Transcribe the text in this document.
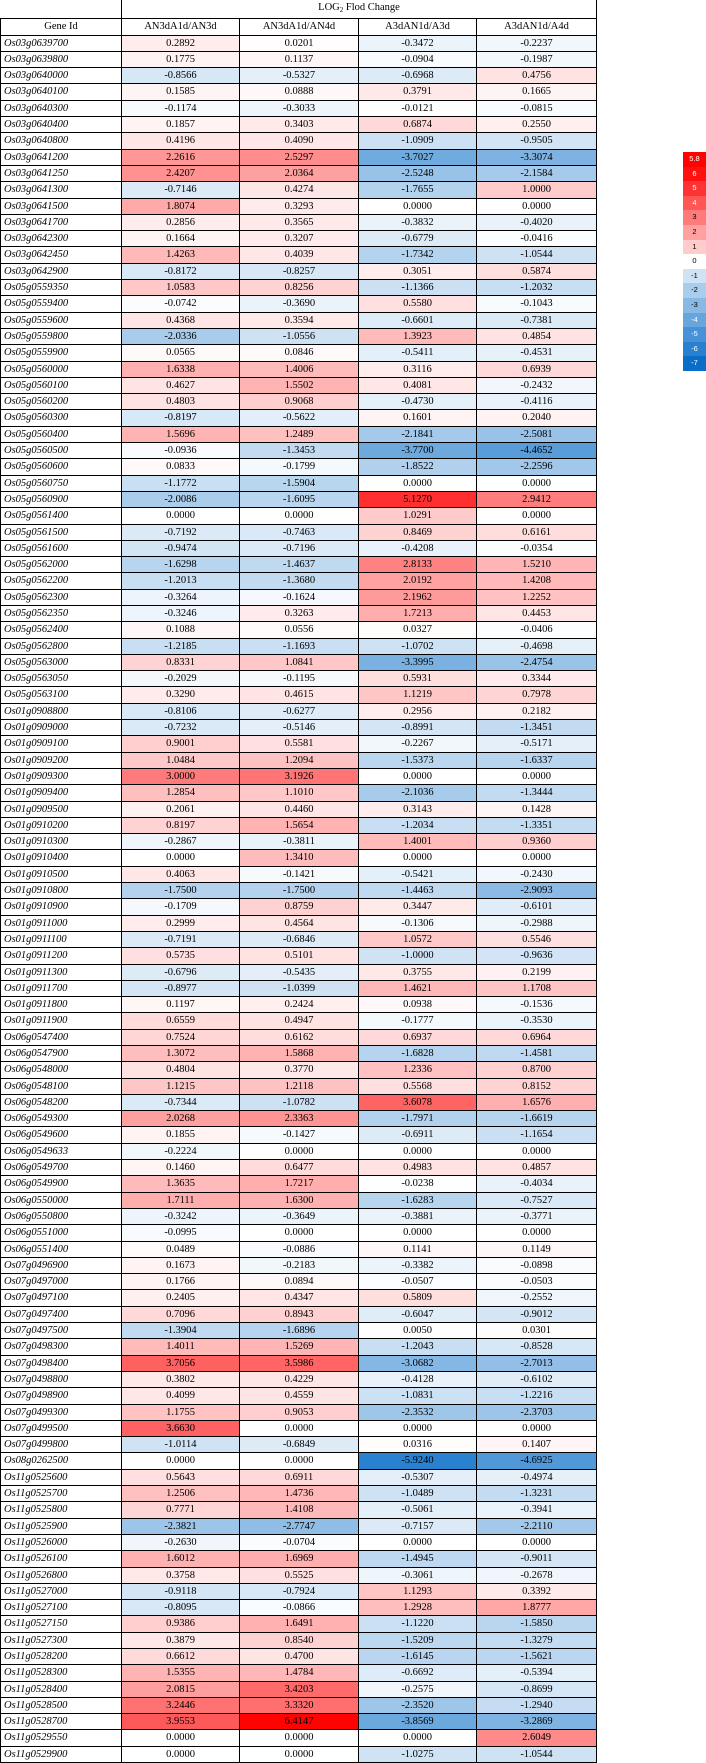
	$LOG_2$ Flod Change			
Gene Id	AN3dA1d/AN3d	AN3dA1d/AN4d	A3dAN1d/A3d	A3dAN1d/A4d
Os03g0639700	0.2892	0.0201	-0.3472	-0.2237
Os03g0639800	0.1775	0.1137	-0.0904	-0.1987
Os03g0640000	-0.8566	-0.5327	-0.6968	0.4756
Os03g0640100	0.1585	0.0888	0.3791	0.1665
Os03g0640300	-0.1174	-0.3033	-0.0121	-0.0815
Os03g0640400	0.1857	0.3403	0.6874	0.2550
Os03g0640800	0.4196	0.4090	-1.0909	-0.9505
Os03g0641200	2.2616	2.5297	-3.7027	-3.3074
Os03g0641250	2.4207	2.0364	-2.5248	-2.1584
Os03g0641300	-0.7146	0.4274	-1.7655	1.0000
Os03g0641500	1.8074	0.3293	0.0000	0.0000
Os03g0641700	0.2856	0.3565	-0.3832	-0.4020
Os03g0642300	0.1664	0.3207	-0.6779	-0.0416
Os03g0642450	1.4263	0.4039	-1.7342	-1.0544
Os03g0642900	-0.8172	-0.8257	0.3051	0.5874
Os05g0559350	1.0583	0.8256	-1.1366	-1.2032
Os05g0559400	-0.0742	-0.3690	0.5580	-0.1043
Os05g0559600	0.4368	0.3594	-0.6601	-0.7381
Os05g0559800	-2.0336	-1.0556	1.3923	0.4854
Os05g0559900	0.0565	0.0846	-0.5411	-0.4531
Os05g0560000	1.6338	1.4006	0.3116	0.6939
Os05g0560100	0.4627	1.5502	0.4081	-0.2432
Os05g0560200	0.4803	0.9068	-0.4730	-0.4116
Os05g0560300	-0.8197	-0.5622	0.1601	0.2040
Os05g0560400	1.5696	1.2489	-2.1841	-2.5081
Os05g0560500	-0.0936	-1.3453	-3.7700	-4.4652
Os05g0560600	0.0833	-0.1799	-1.8522	-2.2596
Os05g0560750	-1.1772	-1.5904	0.0000	0.0000
Os05g0560900	-2.0086	-1.6095	5.1270	2.9412
Os05g0561400	0.0000	0.0000	1.0291	0.0000
Os05g0561500	-0.7192	-0.7463	0.8469	0.6161
Os05g0561600	-0.9474	-0.7196	-0.4208	-0.0354
Os05g0562000	-1.6298	-1.4637	2.8133	1.5210
Os05g0562200	-1.2013	-1.3680	2.0192	1.4208
Os05g0562300	-0.3264	-0.1624	2.1962	1.2252
Os05g0562350	-0.3246	0.3263	1.7213	0.4453
Os05g0562400	0.1088	0.0556	0.0327	-0.0406
Os05g0562800	-1.2185	-1.1693	-1.0702	-0.4698
Os05g0563000	0.8331	1.0841	-3.3995	-2.4754
Os05g0563050	-0.2029	-0.1195	0.5931	0.3344
Os05g0563100	0.3290	0.4615	1.1219	0.7978
Os01g0908800	-0.8106	-0.6277	0.2956	0.2182
Os01g0909000	-0.7232	-0.5146	-0.8991	-1.3451
Os01g0909100	0.9001	0.5581	-0.2267	-0.5171
Os01g0909200	1.0484	1.2094	-1.5373	-1.6337
Os01g0909300	3.0000	3.1926	0.0000	0.0000
Os01g0909400	1.2854	1.1010	-2.1036	-1.3444
Os01g0909500	0.2061	0.4460	0.3143	0.1428
Os01g0910200	0.8197	1.5654	-1.2034	-1.3351
Os01g0910300	-0.2867	-0.3811	1.4001	0.9360
Os01g0910400	0.0000	1.3410	0.0000	0.0000
Os01g0910500	0.4063	-0.1421	-0.5421	-0.2430
Os01g0910800	-1.7500	-1.7500	-1.4463	-2.9093
Os01g0910900	-0.1709	0.8759	0.3447	-0.6101
Os01g0911000	0.2999	0.4564	-0.1306	-0.2988
Os01g0911100	-0.7191	-0.6846	1.0572	0.5546
Os01g0911200	0.5735	0.5101	-1.0000	-0.9636
Os01g0911300	-0.6796	-0.5435	0.3755	0.2199
Os01g0911700	-0.8977	-1.0399	1.4621	1.1708
Os01g0911800	0.1197	0.2424	0.0938	-0.1536
Os01g0911900	0.6559	0.4947	-0.1777	-0.3530
Os06g0547400	0.7524	0.6162	0.6937	0.6964
Os06g0547900	1.3072	1.5868	-1.6828	-1.4581
Os06g0548000	0.4804	0.3770	1.2336	0.8700
Os06g0548100	1.1215	1.2118	0.5568	0.8152
Os06g0548200	-0.7344	-1.0782	3.6078	1.6576
Os06g0549300	2.0268	2.3363	-1.7971	-1.6619
Os06g0549600	0.1855	-0.1427	-0.6911	-1.1654
Os06g0549633	-0.2224	0.0000	0.0000	0.0000
Os06g0549700	0.1460	0.6477	0.4983	0.4857
Os06g0549900	1.3635	1.7217	-0.0238	-0.4034
Os06g0550000	1.7111	1.6300	-1.6283	-0.7527
Os06g0550800	-0.3242	-0.3649	-0.3881	-0.3771
Os06g0551000	-0.0995	0.0000	0.0000	0.0000
Os06g0551400	0.0489	-0.0886	0.1141	0.1149
Os07g0496900	0.1673	-0.2183	-0.3382	-0.0898
Os07g0497000	0.1766	0.0894	-0.0507	-0.0503
Os07g0497100	0.2405	0.4347	0.5809	-0.2552
Os07g0497400	0.7096	0.8943	-0.6047	-0.9012
Os07g0497500	-1.3904	-1.6896	0.0050	0.0301
Os07g0498300	1.4011	1.5269	-1.2043	-0.8528
Os07g0498400	3.7056	3.5986	-3.0682	-2.7013
Os07g0498800	0.3802	0.4229	-0.4128	-0.6102
Os07g0498900	0.4099	0.4559	-1.0831	-1.2216
Os07g0499300	1.1755	0.9053	-2.3532	-2.3703
Os07g0499500	3.6630	0.0000	0.0000	0.0000
Os07g0499800	-1.0114	-0.6849	0.0316	0.1407
Os08g0262500	0.0000	0.0000	-5.9240	-4.6925
Os11g0525600	0.5643	0.6911	-0.5307	-0.4974
Os11g0525700	1.2506	1.4736	-1.0489	-1.3231
Os11g0525800	0.7771	1.4108	-0.5061	-0.3941
Os11g0525900	-2.3821	-2.7747	-0.7157	-2.2110
Os11g0526000	-0.2630	-0.0704	0.0000	0.0000
Os11g0526100	1.6012	1.6969	-1.4945	-0.9011
Os11g0526800	0.3758	0.5525	-0.3061	-0.2678
Os11g0527000	-0.9118	-0.7924	1.1293	0.3392
Os11g0527100	-0.8095	-0.0866	1.2928	1.8777
Os11g0527150	0.9386	1.6491	-1.1220	-1.5850
Os11g0527300	0.3879	0.8540	-1.5209	-1.3279
Os11g0528200	0.6612	0.4700	-1.6145	-1.5621
Os11g0528300	1.5355	1.4784	-0.6692	-0.5394
Os11g0528400	2.0815	3.4203	-0.2575	-0.8699
Os11g0528500	3.2446	3.3320	-2.3520	-1.2940
Os11g0528700	3.9553	6.4147	-3.8569	-3.2869
Os11g0529550	0.0000	0.0000	0.0000	2.6049
Os11g0529900	0.0000	0.0000	-1.0275	-1.0544
5.8
6
5
4
3
2
1
0
-1
-2
-3
-4
-5
-6
-7
